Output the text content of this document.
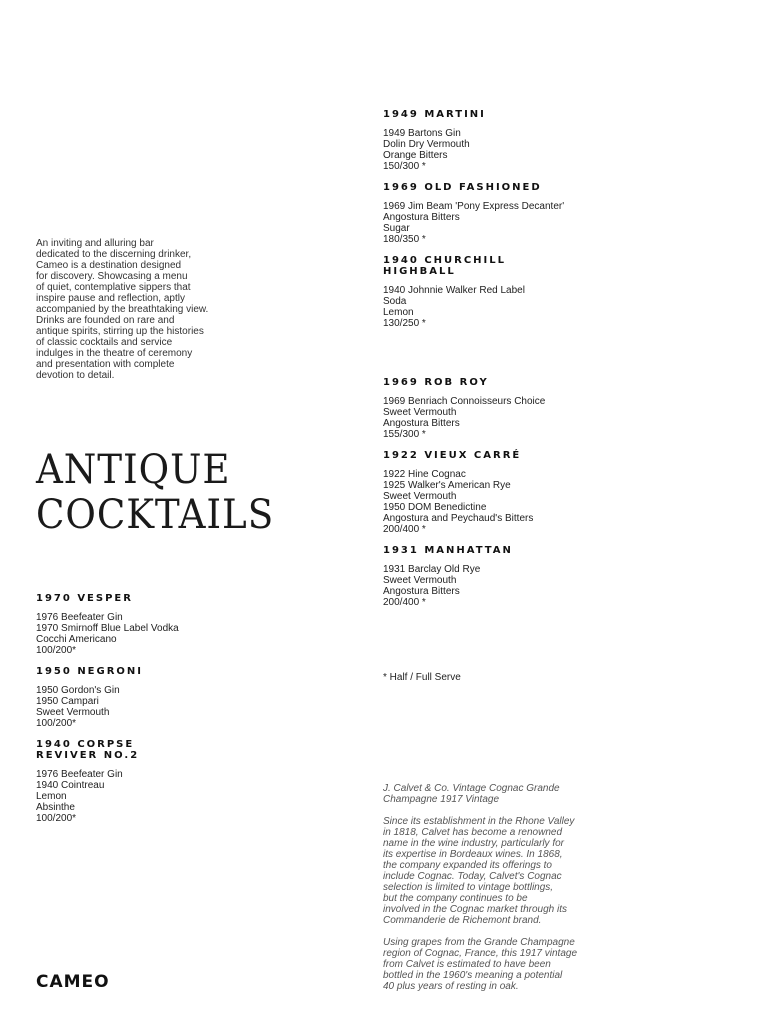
An inviting and alluring bar
dedicated to the discerning drinker,
Cameo is a destination designed
for discovery. Showcasing a menu
of quiet, contemplative sippers that
inspire pause and reflection, aptly
accompanied by the breathtaking view.
Drinks are founded on rare and
antique spirits, stirring up the histories
of classic cocktails and service
indulges in the theatre of ceremony
and presentation with complete
devotion to detail.

ANTIQUE
COCKTAILS
1970 VESPER
1976 Beefeater Gin
1970 Smirnoff Blue Label Vodka
Cocchi Americano
100/200*
1950 NEGRONI
1950 Gordon's Gin
1950 Campari
Sweet Vermouth
100/200*
1940 CORPSE
REVIVER NO.2
1976 Beefeater Gin
1940 Cointreau
Lemon
Absinthe
100/200*
1949 MARTINI
1949 Bartons Gin
Dolin Dry Vermouth
Orange Bitters
150/300 *
1969 OLD FASHIONED
1969 Jim Beam 'Pony Express Decanter'
Angostura Bitters
Sugar
180/350 *
1940 CHURCHILL
HIGHBALL
1940 Johnnie Walker Red Label
Soda
Lemon
130/250 *
1969 ROB ROY
1969 Benriach Connoisseurs Choice
Sweet Vermouth
Angostura Bitters
155/300 *
1922 VIEUX CARRÉ
1922 Hine Cognac
1925 Walker's American Rye
Sweet Vermouth
1950 DOM Benedictine
Angostura and Peychaud's Bitters
200/400 *
1931 MANHATTAN
1931 Barclay Old Rye
Sweet Vermouth
Angostura Bitters
200/400 *
* Half / Full Serve

J. Calvet & Co. Vintage Cognac Grande
Champagne 1917 Vintage

Since its establishment in the Rhone Valley
in 1818, Calvet has become a renowned
name in the wine industry, particularly for
its expertise in Bordeaux wines. In 1868,
the company expanded its offerings to
include Cognac. Today, Calvet's Cognac
selection is limited to vintage bottlings,
but the company continues to be
involved in the Cognac market through its
Commanderie de Richemont brand.

Using grapes from the Grande Champagne
region of Cognac, France, this 1917 vintage
from Calvet is estimated to have been
bottled in the 1960's meaning a potential
40 plus years of resting in oak.

CAMEO
